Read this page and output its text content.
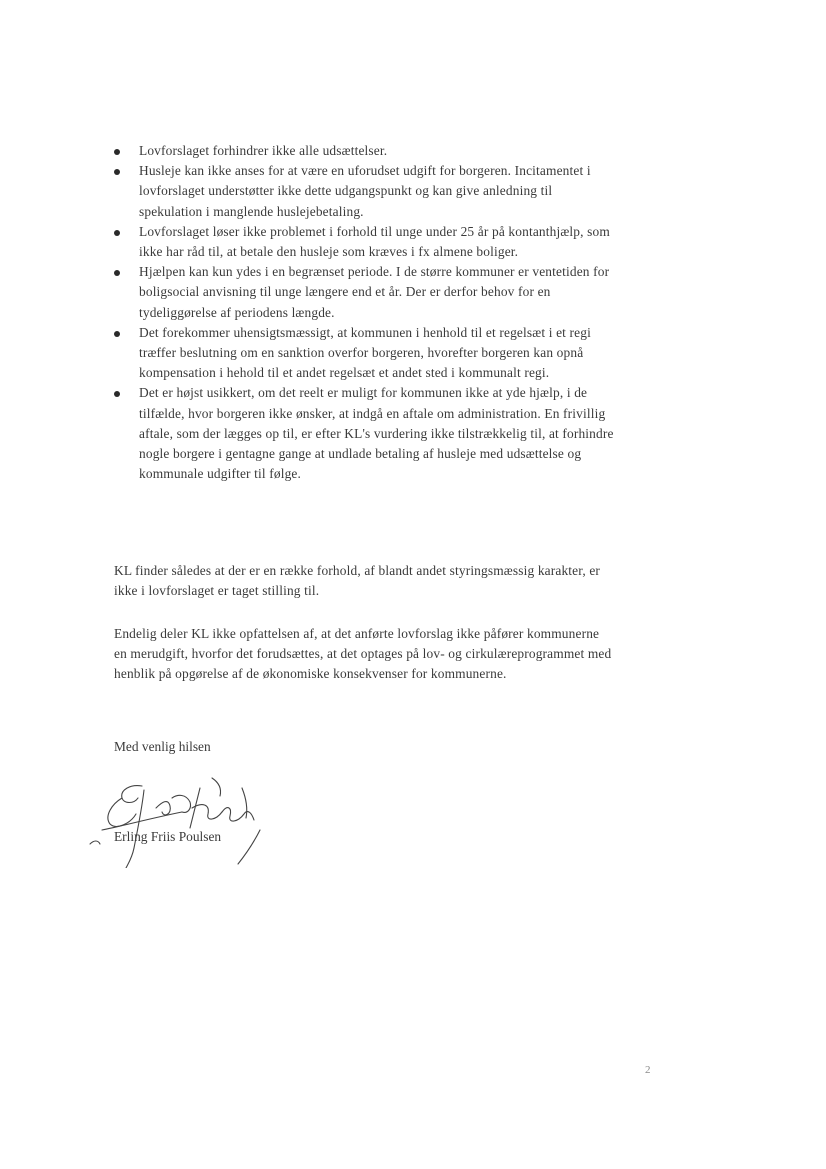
Lovforslaget forhindrer ikke alle udsættelser.
Husleje kan ikke anses for at være en uforudset udgift for borgeren. Incitamentet i lovforslaget understøtter ikke dette udgangspunkt og kan give anledning til spekulation i manglende huslejebetaling.
Lovforslaget løser ikke problemet i forhold til unge under 25 år på kontanthjælp, som ikke har råd til, at betale den husleje som kræves i fx almene boliger.
Hjælpen kan kun ydes i en begrænset periode. I de større kommuner er ventetiden for boligsocial anvisning til unge længere end et år. Der er derfor behov for en tydeliggørelse af periodens længde.
Det forekommer uhensigtsmæssigt, at kommunen i henhold til et regelsæt i et regi træffer beslutning om en sanktion overfor borgeren, hvorefter borgeren kan opnå kompensation i hehold til et andet regelsæt et andet sted i kommunalt regi.
Det er højst usikkert, om det reelt er muligt for kommunen ikke at yde hjælp, i de tilfælde, hvor borgeren ikke ønsker, at indgå en aftale om administration. En frivillig aftale, som der lægges op til, er efter KL's vurdering ikke tilstrækkelig til, at forhindre nogle borgere i gentagne gange at undlade betaling af husleje med udsættelse og kommunale udgifter til følge.

KL finder således at der er en række forhold, af blandt andet styringsmæssig karakter, er ikke i lovforslaget er taget stilling til.

Endelig deler KL ikke opfattelsen af, at det anførte lovforslag ikke påfører kommunerne en merudgift, hvorfor det forudsættes, at det optages på lov- og cirkulæreprogrammet med henblik på opgørelse af de økonomiske konsekvenser for kommunerne.

Med venlig hilsen

Erling Friis Poulsen

2
